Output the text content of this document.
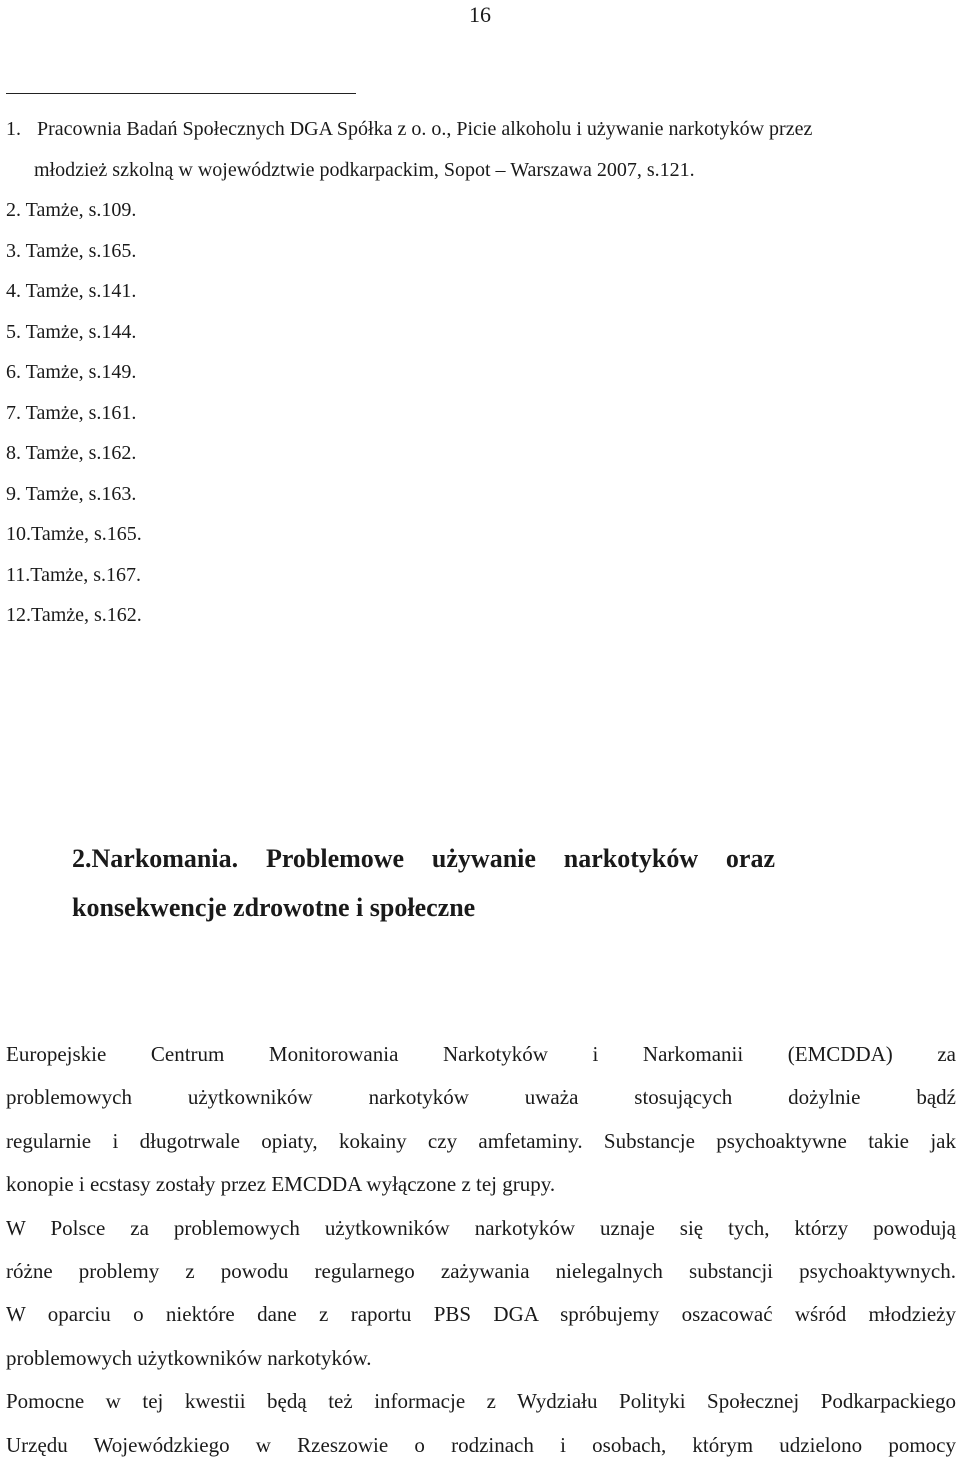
16
1. Pracownia Badań Społecznych DGA Spółka z o. o., Picie alkoholu i używanie narkotyków przez
młodzież szkolną w województwie podkarpackim, Sopot – Warszawa 2007, s.121.
2. Tamże, s.109.
3. Tamże, s.165.
4. Tamże, s.141.
5. Tamże, s.144.
6. Tamże, s.149.
7. Tamże, s.161.
8. Tamże, s.162.
9. Tamże, s.163.
10.Tamże, s.165.
11.Tamże, s.167.
12.Tamże, s.162.
2.Narkomania. Problemowe używanie narkotyków oraz
konsekwencje zdrowotne i społeczne
Europejskie Centrum Monitorowania Narkotyków i Narkomanii (EMCDDA) za
problemowych użytkowników narkotyków uważa stosujących dożylnie bądź
regularnie i długotrwale opiaty, kokainy czy amfetaminy. Substancje psychoaktywne takie jak
konopie i ecstasy zostały przez EMCDDA wyłączone z tej grupy.
W Polsce za problemowych użytkowników narkotyków uznaje się tych, którzy powodują
różne problemy z powodu regularnego zażywania nielegalnych substancji psychoaktywnych.
W oparciu o niektóre dane z raportu PBS DGA spróbujemy oszacować wśród młodzieży
problemowych użytkowników narkotyków.
Pomocne w tej kwestii będą też informacje z Wydziału Polityki Społecznej Podkarpackiego
Urzędu Wojewódzkiego w Rzeszowie o rodzinach i osobach, którym udzielono pomocy
